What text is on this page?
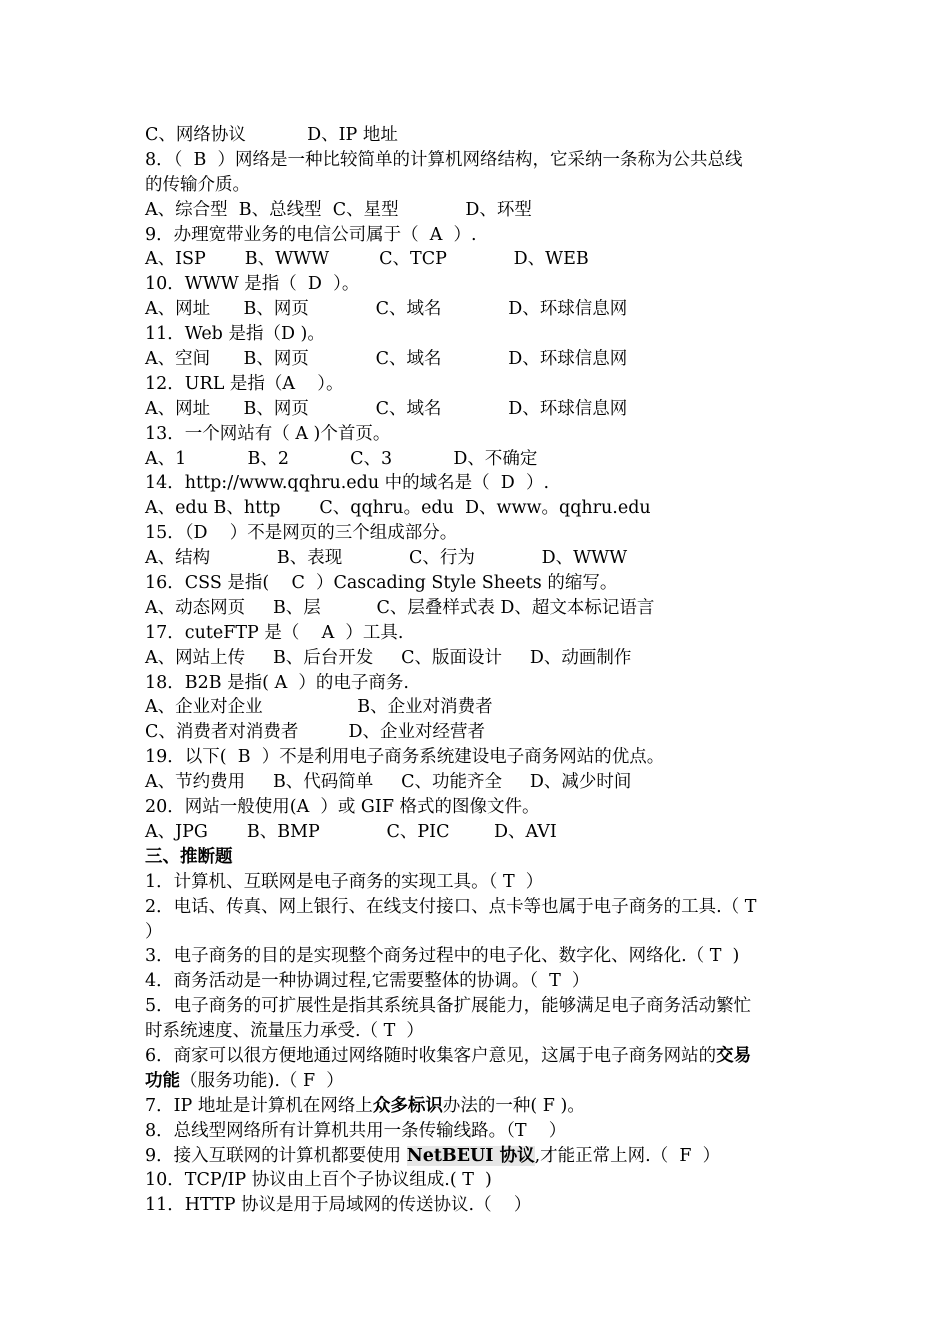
C、网络协议           D、IP 地址
8．（  B  ）网络是一种比较简单的计算机网络结构，它采纳一条称为公共总线
的传输介质。
A、综合型  B、总线型  C、星型            D、环型
9．办理宽带业务的电信公司属于（  A  ）.
A、ISP       B、WWW         C、TCP            D、WEB
10．WWW 是指（  D  ）。
A、网址      B、网页            C、域名            D、环球信息网
11．Web 是指（D )。
A、空间      B、网页            C、域名            D、环球信息网
12．URL 是指（A    ）。
A、网址      B、网页            C、域名            D、环球信息网
13．一个网站有（ A )个首页。
A、1           B、2           C、3           D、不确定
14．http://www.qqhru.edu 中的域名是（  D  ）.
A、edu B、http       C、qqhru。edu  D、www。qqhru.edu
15．（D    ）不是网页的三个组成部分。
A、结构            B、表现            C、行为            D、WWW
16．CSS 是指(    C  ）Cascading Style Sheets 的缩写。
A、动态网页     B、层          C、层叠样式表 D、超文本标记语言
17．cuteFTP 是（    A  ）工具.
A、网站上传     B、后台开发     C、版面设计     D、动画制作
18．B2B 是指( A  ）的电子商务.
A、企业对企业                 B、企业对消费者
C、消费者对消费者         D、企业对经营者
19．以下(  B  ）不是利用电子商务系统建设电子商务网站的优点。
A、节约费用     B、代码简单     C、功能齐全     D、减少时间
20．网站一般使用(A  ）或 GIF 格式的图像文件。
A、JPG       B、BMP            C、PIC        D、AVI
三、推断题
1．计算机、互联网是电子商务的实现工具。（ T  ）
2．电话、传真、网上银行、在线支付接口、点卡等也属于电子商务的工具.（ T
）
3．电子商务的目的是实现整个商务过程中的电子化、数字化、网络化.（ T  )
4．商务活动是一种协调过程,它需要整体的协调。（  T  ）
5．电子商务的可扩展性是指其系统具备扩展能力，能够满足电子商务活动繁忙
时系统速度、流量压力承受.（ T  ）
6．商家可以很方便地通过网络随时收集客户意见，这属于电子商务网站的交易
功能（服务功能).（ F  ）
7．IP 地址是计算机在网络上众多标识办法的一种( F )。
8．总线型网络所有计算机共用一条传输线路。（T    ）
9．接入互联网的计算机都要使用 NetBEUI 协议,才能正常上网.（  F  ）
10．TCP/IP 协议由上百个子协议组成.( T  )
11．HTTP 协议是用于局域网的传送协议.（    ）
